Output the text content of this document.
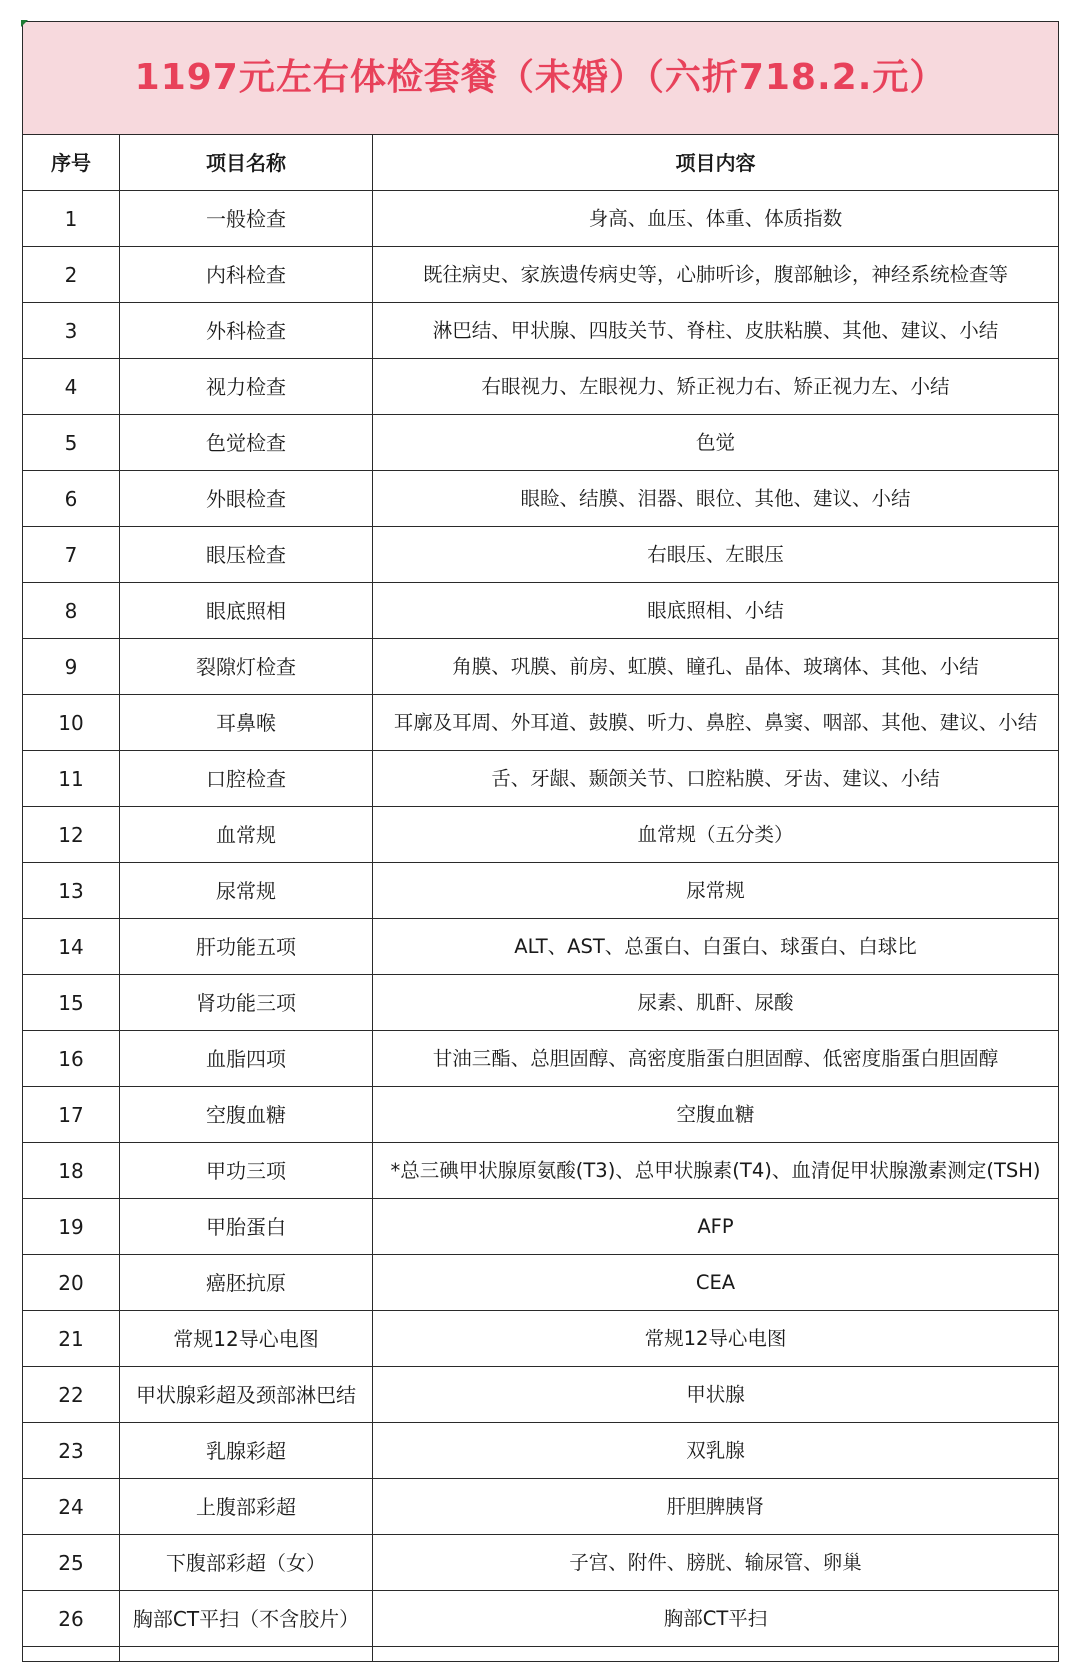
1197元左右体检套餐（未婚）（六折718.2.元）		
序号	项目名称	项目内容
1	一般检查	身高、血压、体重、体质指数
2	内科检查	既往病史、家族遗传病史等，心肺听诊，腹部触诊，神经系统检查等
3	外科检查	淋巴结、甲状腺、四肢关节、脊柱、皮肤粘膜、其他、建议、小结
4	视力检查	右眼视力、左眼视力、矫正视力右、矫正视力左、小结
5	色觉检查	色觉
6	外眼检查	眼睑、结膜、泪器、眼位、其他、建议、小结
7	眼压检查	右眼压、左眼压
8	眼底照相	眼底照相、小结
9	裂隙灯检查	角膜、巩膜、前房、虹膜、瞳孔、晶体、玻璃体、其他、小结
10	耳鼻喉	耳廓及耳周、外耳道、鼓膜、听力、鼻腔、鼻窦、咽部、其他、建议、小结
11	口腔检查	舌、牙龈、颞颌关节、口腔粘膜、牙齿、建议、小结
12	血常规	血常规（五分类）
13	尿常规	尿常规
14	肝功能五项	ALT、AST、总蛋白、白蛋白、球蛋白、白球比
15	肾功能三项	尿素、肌酐、尿酸
16	血脂四项	甘油三酯、总胆固醇、高密度脂蛋白胆固醇、低密度脂蛋白胆固醇
17	空腹血糖	空腹血糖
18	甲功三项	*总三碘甲状腺原氨酸(T3)、总甲状腺素(T4)、血清促甲状腺激素测定(TSH)
19	甲胎蛋白	AFP
20	癌胚抗原	CEA
21	常规12导心电图	常规12导心电图
22	甲状腺彩超及颈部淋巴结	甲状腺
23	乳腺彩超	双乳腺
24	上腹部彩超	肝胆脾胰肾
25	下腹部彩超（女）	子宫、附件、膀胱、输尿管、卵巢
26	胸部CT平扫（不含胶片）	胸部CT平扫
